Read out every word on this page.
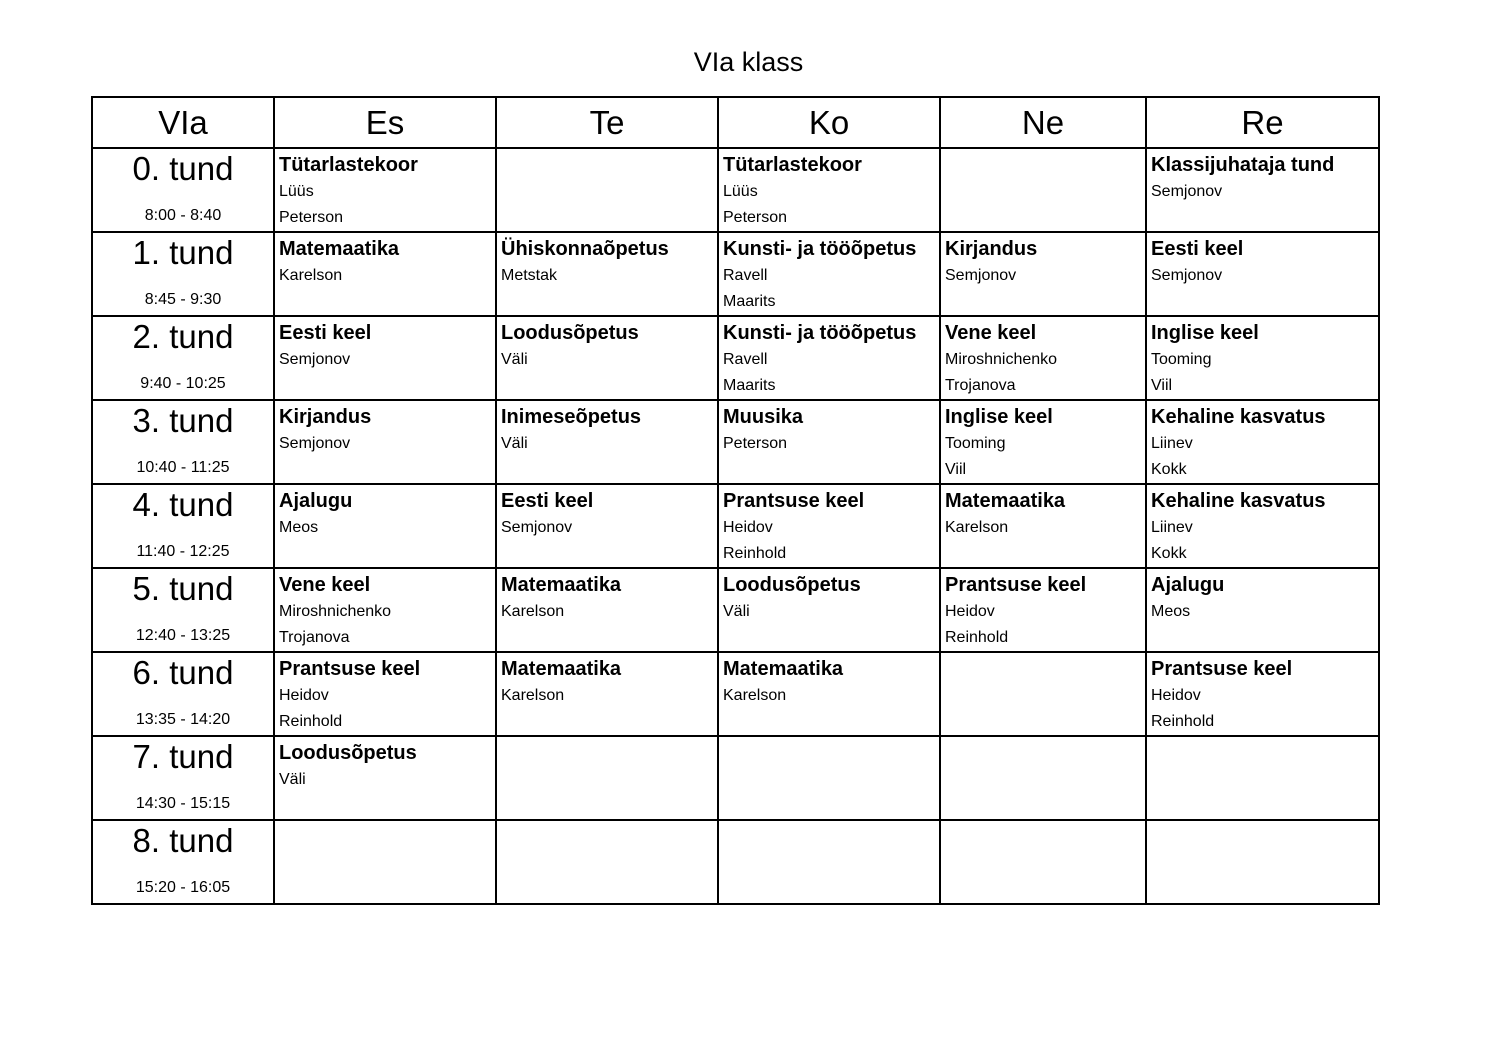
VIa klass
VIa	Es	Te	Ko	Ne	Re

0. tund
8:00 - 8:40	Tütarlastekoor
Lüüs
Peterson		Tütarlastekoor
Lüüs
Peterson		Klassijuhataja tund
Semjonov

1. tund
8:45 - 9:30	Matemaatika
Karelson	Ühiskonnaõpetus
Metstak	Kunsti- ja tööõpetus
Ravell
Maarits	Kirjandus
Semjonov	Eesti keel
Semjonov

2. tund
9:40 - 10:25	Eesti keel
Semjonov	Loodusõpetus
Väli	Kunsti- ja tööõpetus
Ravell
Maarits	Vene keel
Miroshnichenko
Trojanova	Inglise keel
Tooming
Viil

3. tund
10:40 - 11:25	Kirjandus
Semjonov	Inimeseõpetus
Väli	Muusika
Peterson	Inglise keel
Tooming
Viil	Kehaline kasvatus
Liinev
Kokk

4. tund
11:40 - 12:25	Ajalugu
Meos	Eesti keel
Semjonov	Prantsuse keel
Heidov
Reinhold	Matemaatika
Karelson	Kehaline kasvatus
Liinev
Kokk

5. tund
12:40 - 13:25	Vene keel
Miroshnichenko
Trojanova	Matemaatika
Karelson	Loodusõpetus
Väli	Prantsuse keel
Heidov
Reinhold	Ajalugu
Meos

6. tund
13:35 - 14:20	Prantsuse keel
Heidov
Reinhold	Matemaatika
Karelson	Matemaatika
Karelson		Prantsuse keel
Heidov
Reinhold

7. tund
14:30 - 15:15	Loodusõpetus
Väli				

8. tund
15:20 - 16:05					
